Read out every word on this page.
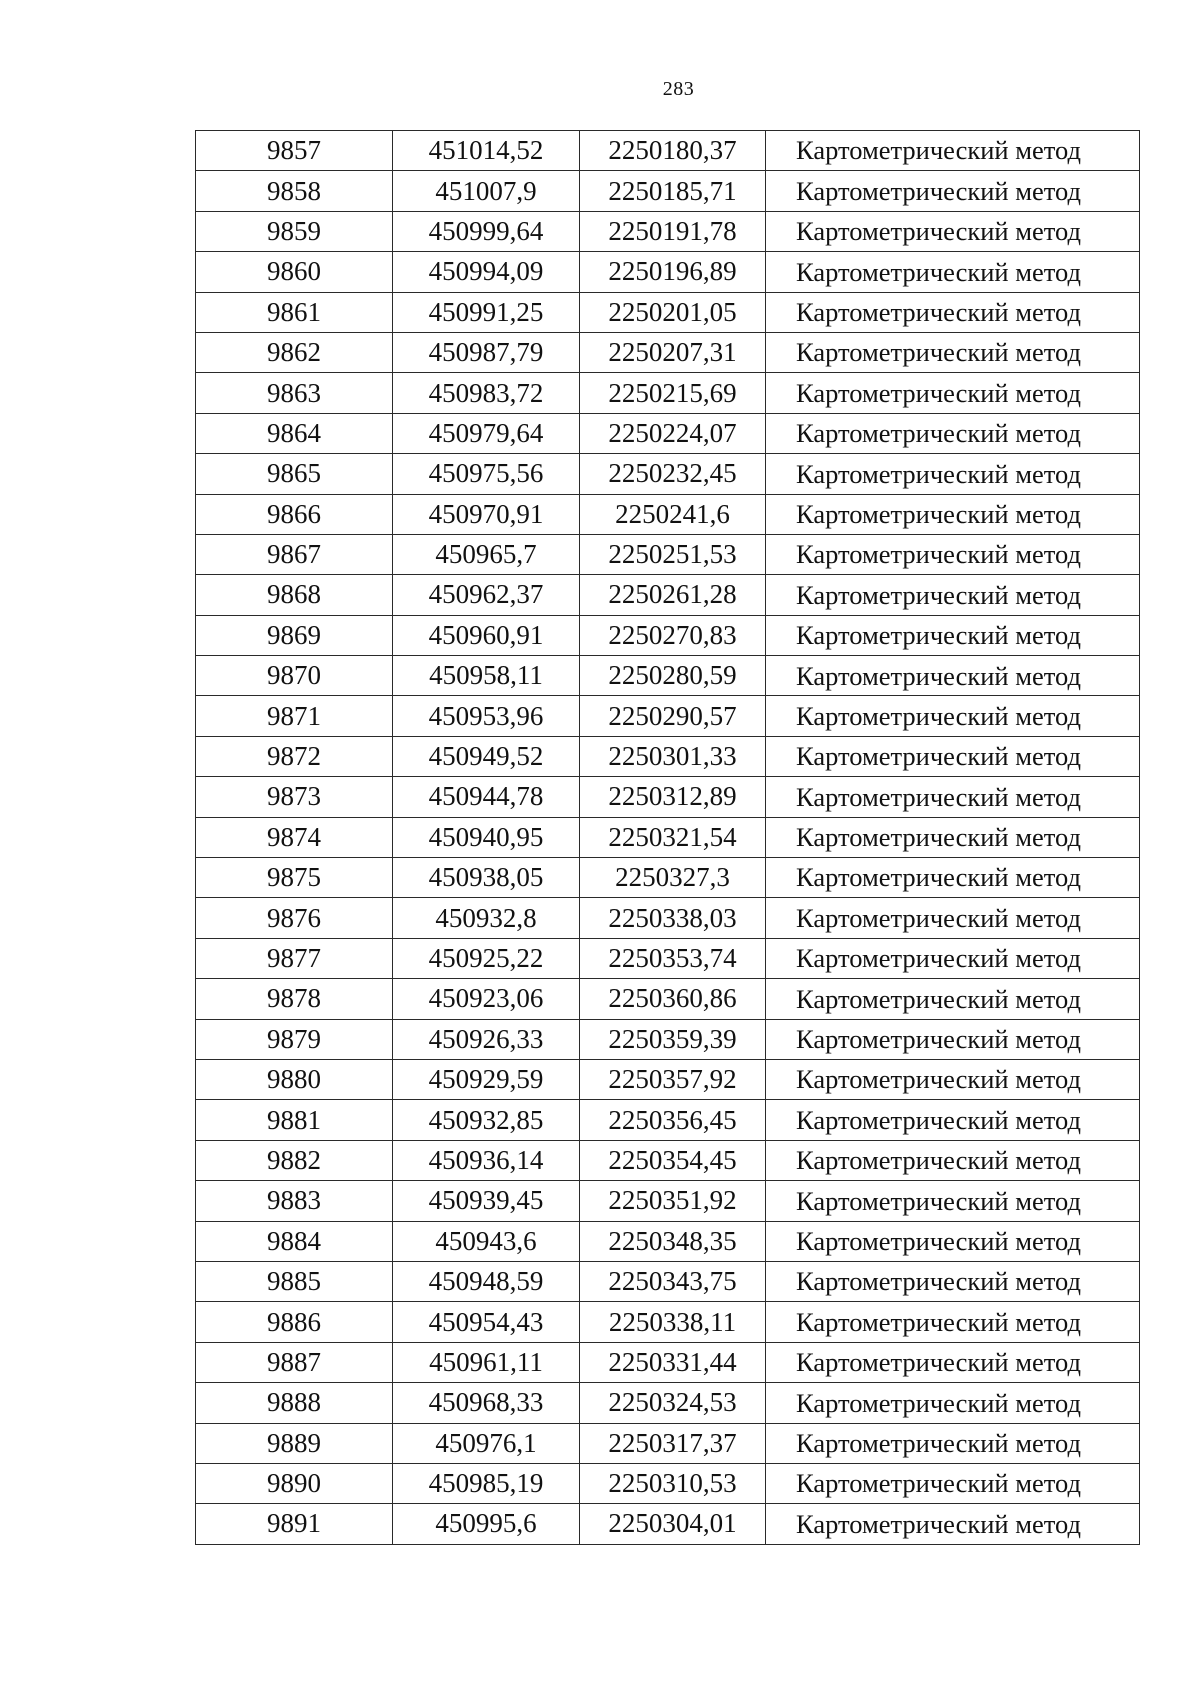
283
9857	451014,52	2250180,37	Картометрический метод
9858	451007,9	2250185,71	Картометрический метод
9859	450999,64	2250191,78	Картометрический метод
9860	450994,09	2250196,89	Картометрический метод
9861	450991,25	2250201,05	Картометрический метод
9862	450987,79	2250207,31	Картометрический метод
9863	450983,72	2250215,69	Картометрический метод
9864	450979,64	2250224,07	Картометрический метод
9865	450975,56	2250232,45	Картометрический метод
9866	450970,91	2250241,6	Картометрический метод
9867	450965,7	2250251,53	Картометрический метод
9868	450962,37	2250261,28	Картометрический метод
9869	450960,91	2250270,83	Картометрический метод
9870	450958,11	2250280,59	Картометрический метод
9871	450953,96	2250290,57	Картометрический метод
9872	450949,52	2250301,33	Картометрический метод
9873	450944,78	2250312,89	Картометрический метод
9874	450940,95	2250321,54	Картометрический метод
9875	450938,05	2250327,3	Картометрический метод
9876	450932,8	2250338,03	Картометрический метод
9877	450925,22	2250353,74	Картометрический метод
9878	450923,06	2250360,86	Картометрический метод
9879	450926,33	2250359,39	Картометрический метод
9880	450929,59	2250357,92	Картометрический метод
9881	450932,85	2250356,45	Картометрический метод
9882	450936,14	2250354,45	Картометрический метод
9883	450939,45	2250351,92	Картометрический метод
9884	450943,6	2250348,35	Картометрический метод
9885	450948,59	2250343,75	Картометрический метод
9886	450954,43	2250338,11	Картометрический метод
9887	450961,11	2250331,44	Картометрический метод
9888	450968,33	2250324,53	Картометрический метод
9889	450976,1	2250317,37	Картометрический метод
9890	450985,19	2250310,53	Картометрический метод
9891	450995,6	2250304,01	Картометрический метод
